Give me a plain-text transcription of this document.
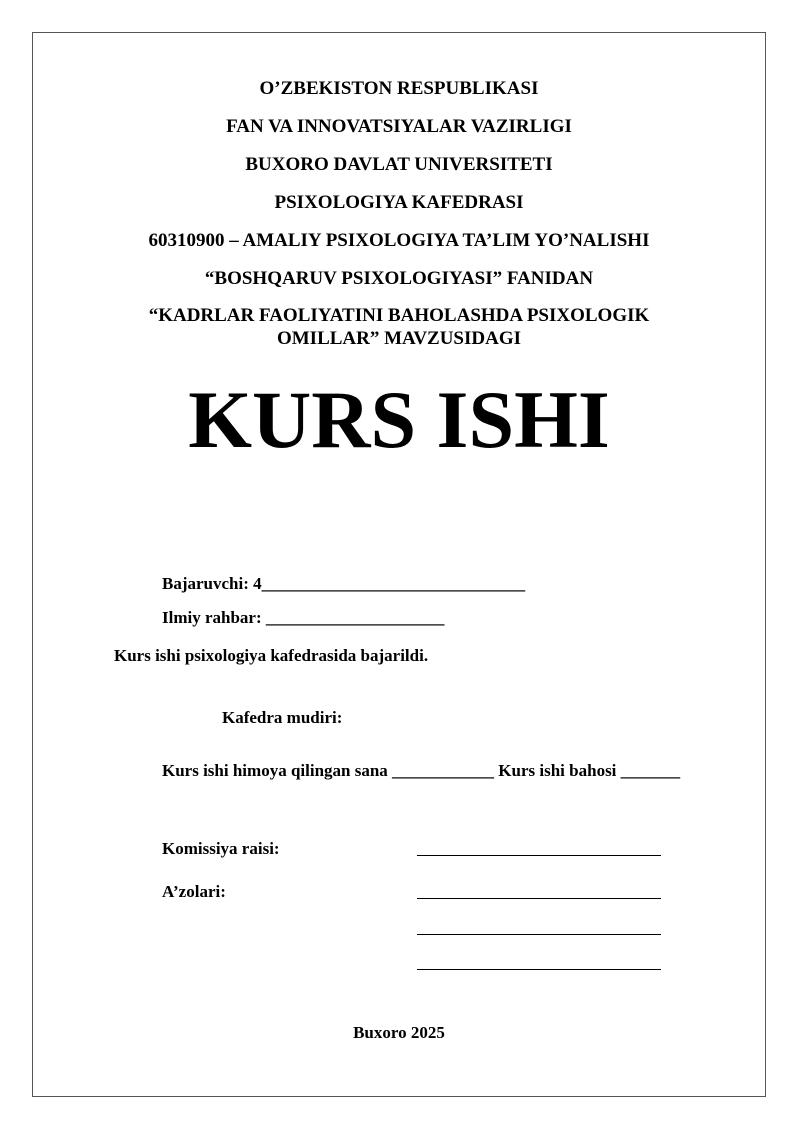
O’ZBEKISTON RESPUBLIKASI
FAN VA INNOVATSIYALAR VAZIRLIGI
BUXORO DAVLAT UNIVERSITETI
PSIXOLOGIYA KAFEDRASI
60310900 – AMALIY PSIXOLOGIYA TA’LIM YO’NALISHI
“BOSHQARUV PSIXOLOGIYASI” FANIDAN
“KADRLAR FAOLIYATINI BAHOLASHDA PSIXOLOGIK
OMILLAR” MAVZUSIDAGI
KURS ISHI
Bajaruvchi: 4_______________________________
Ilmiy rahbar: _____________________
Kurs ishi psixologiya kafedrasida bajarildi.
Kafedra mudiri:
Kurs ishi himoya qilingan sana ____________ Kurs ishi bahosi _______
Komissiya raisi:
A’zolari:
Buxoro 2025
